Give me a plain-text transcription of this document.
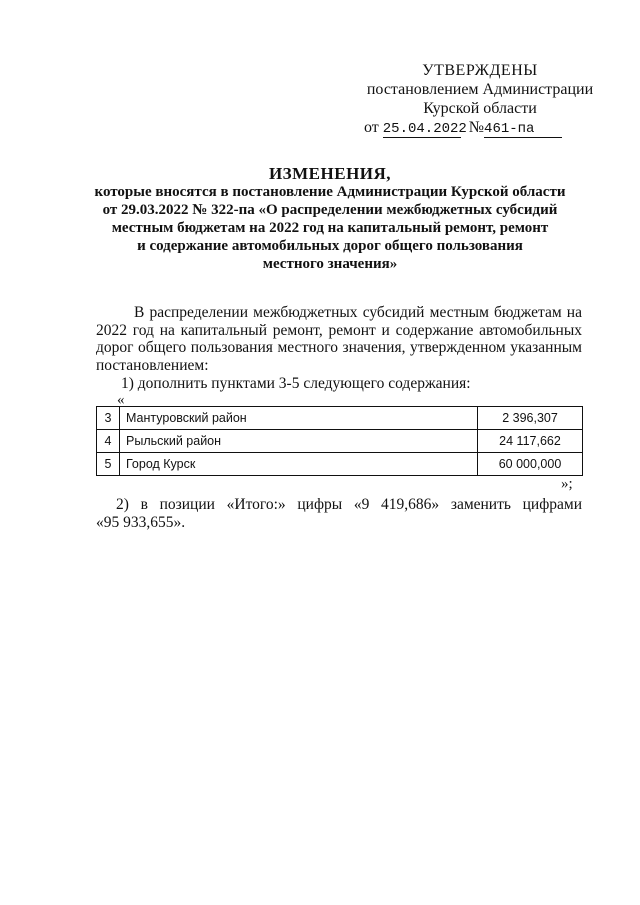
УТВЕРЖДЕНЫ
постановлением Администрации
Курской области
от 25.04.2022 №461-па
ИЗМЕНЕНИЯ,
которые вносятся в постановление Администрации Курской области
от 29.03.2022 № 322-па «О распределении межбюджетных субсидий
местным бюджетам на 2022 год на капитальный ремонт, ремонт
и содержание автомобильных дорог общего пользования
местного значения»
В распределении межбюджетных субсидий местным бюджетам на 2022 год на капитальный ремонт, ремонт и содержание автомобильных дорог общего пользования местного значения, утвержденном указанным постановлением:
1) дополнить пунктами 3-5 следующего содержания:
«
3	Мантуровский район	2 396,307
4	Рыльский район	24 117,662
5	Город Курск	60 000,000
»;
2) в позиции «Итого:» цифры «9 419,686» заменить цифрами
«95 933,655».
